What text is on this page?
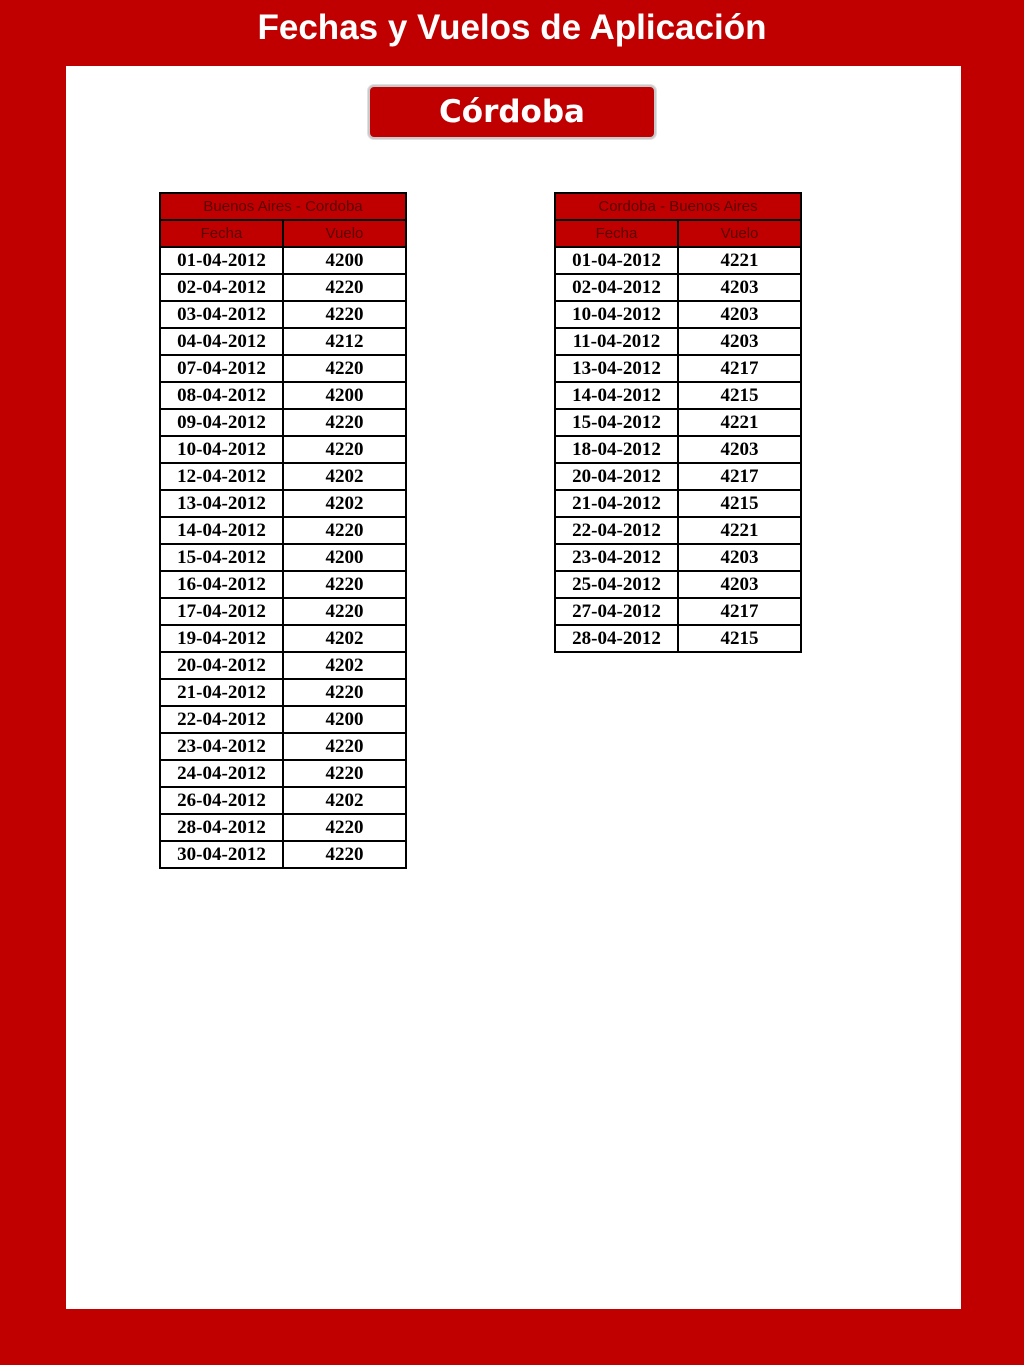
Fechas y Vuelos de Aplicación
Córdoba
Buenos Aires - Cordoba	
Fecha	Vuelo
01-04-2012	4200
02-04-2012	4220
03-04-2012	4220
04-04-2012	4212
07-04-2012	4220
08-04-2012	4200
09-04-2012	4220
10-04-2012	4220
12-04-2012	4202
13-04-2012	4202
14-04-2012	4220
15-04-2012	4200
16-04-2012	4220
17-04-2012	4220
19-04-2012	4202
20-04-2012	4202
21-04-2012	4220
22-04-2012	4200
23-04-2012	4220
24-04-2012	4220
26-04-2012	4202
28-04-2012	4220
30-04-2012	4220
Cordoba - Buenos Aires	
Fecha	Vuelo
01-04-2012	4221
02-04-2012	4203
10-04-2012	4203
11-04-2012	4203
13-04-2012	4217
14-04-2012	4215
15-04-2012	4221
18-04-2012	4203
20-04-2012	4217
21-04-2012	4215
22-04-2012	4221
23-04-2012	4203
25-04-2012	4203
27-04-2012	4217
28-04-2012	4215
